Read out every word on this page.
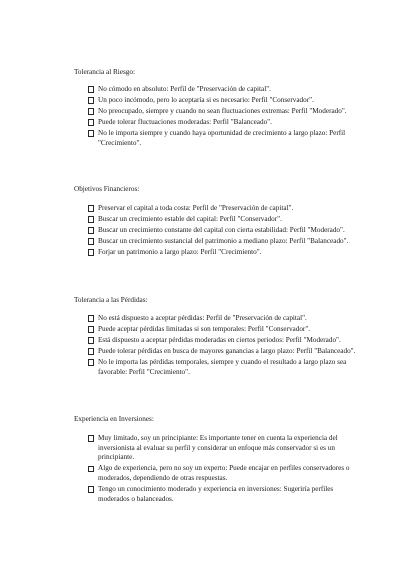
Tolerancia al Riesgo:

No cómodo en absoluto: Perfil de "Preservación de capital".
Un poco incómodo, pero lo aceptaría si es necesario: Perfil "Conservador".
No preocupado, siempre y cuando no sean fluctuaciones extremas: Perfil "Moderado".
Puede tolerar fluctuaciones moderadas: Perfil "Balanceado".
No le importa siempre y cuando haya oportunidad de crecimiento a largo plazo: Perfil "Crecimiento".

Objetivos Financieros:

Preservar el capital a toda costa: Perfil de "Preservación de capital".
Buscar un crecimiento estable del capital: Perfil "Conservador".
Buscar un crecimiento constante del capital con cierta estabilidad: Perfil "Moderado".
Buscar un crecimiento sustancial del patrimonio a mediano plazo: Perfil "Balanceado".
Forjar un patrimonio a largo plazo: Perfil "Crecimiento".

Tolerancia a las Pérdidas:

No está dispuesto a aceptar pérdidas: Perfil de "Preservación de capital".
Puede aceptar pérdidas limitadas si son temporales: Perfil "Conservador".
Está dispuesto a aceptar pérdidas moderadas en ciertos periodos: Perfil "Moderado".
Puede tolerar pérdidas en busca de mayores ganancias a largo plazo: Perfil "Balanceado".
No le importa las pérdidas temporales, siempre y cuando el resultado a largo plazo sea favorable: Perfil "Crecimiento".

Experiencia en Inversiones:

Muy limitado, soy un principiante: Es importante tener en cuenta la experiencia del inversionista al evaluar su perfil y considerar un enfoque más conservador si es un principiante.
Algo de experiencia, pero no soy un experto: Puede encajar en perfiles conservadores o moderados, dependiendo de otras respuestas.
Tengo un conocimiento moderado y experiencia en inversiones: Sugeriría perfiles moderados o balanceados.
